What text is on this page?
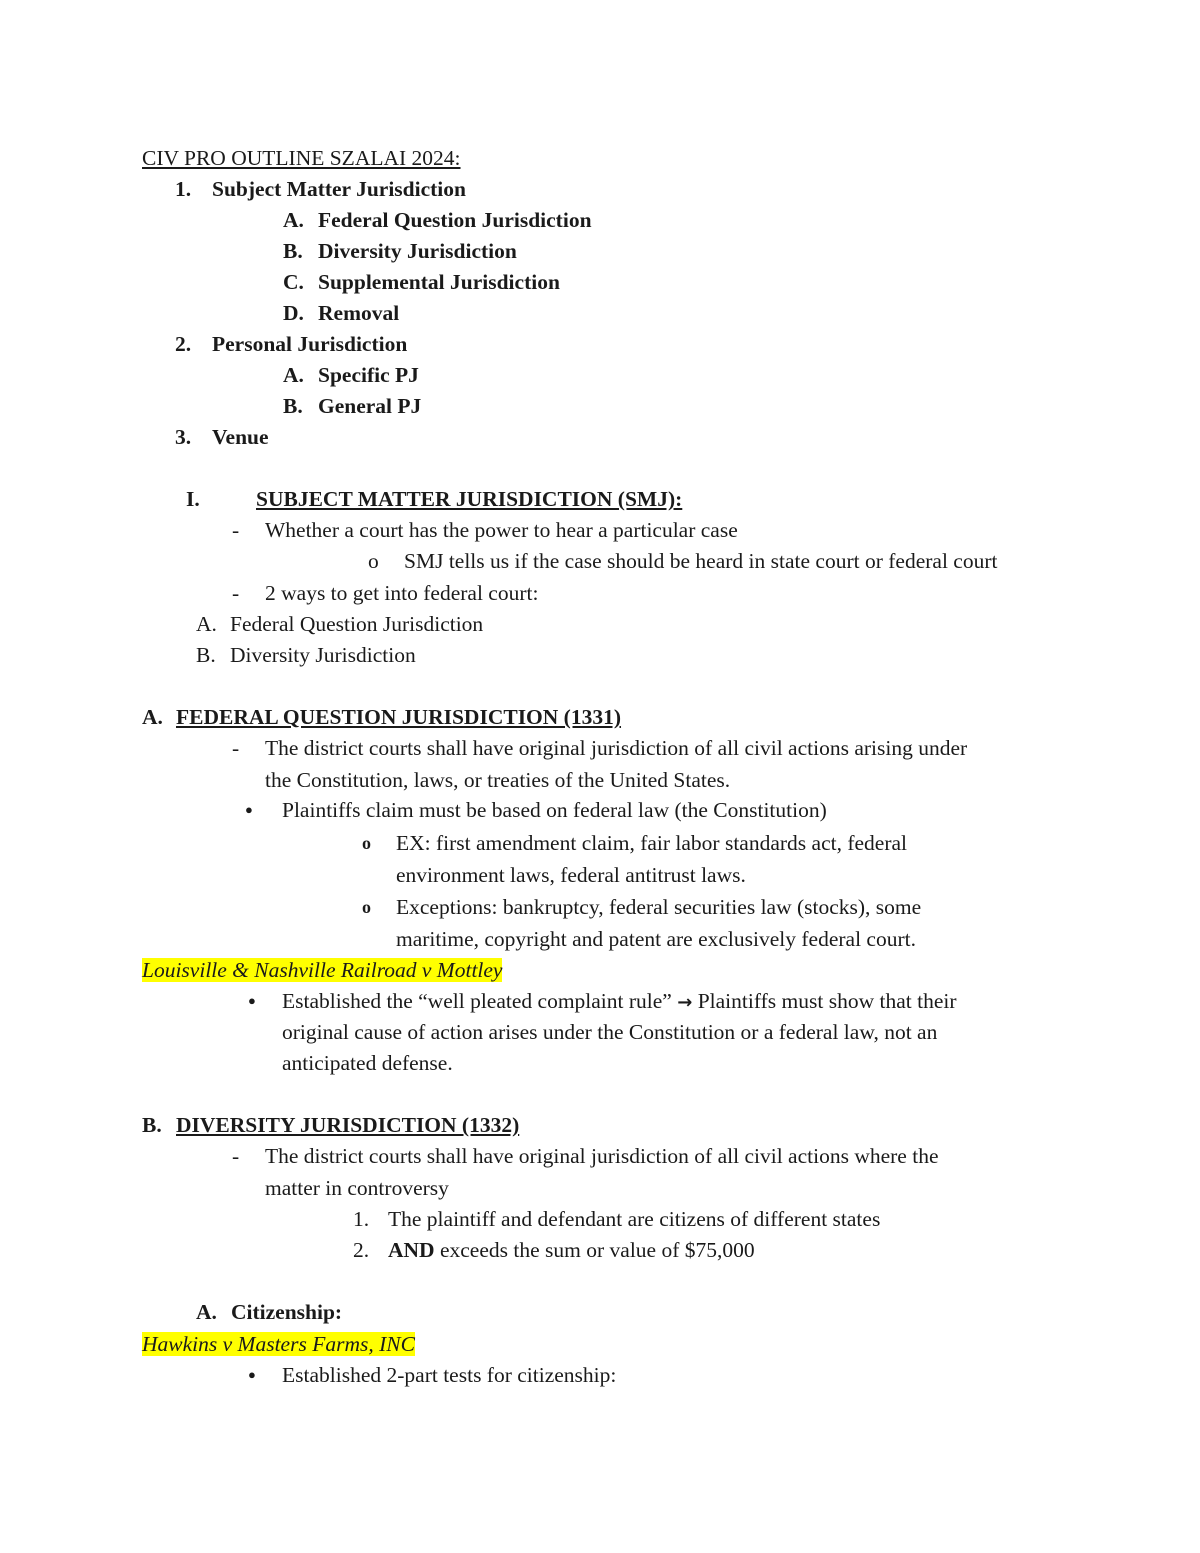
CIV PRO OUTLINE SZALAI 2024:
1. Subject Matter Jurisdiction
A. Federal Question Jurisdiction
B. Diversity Jurisdiction
C. Supplemental Jurisdiction
D. Removal
2. Personal Jurisdiction
A. Specific PJ
B. General PJ
3. Venue
I.	SUBJECT MATTER JURISDICTION (SMJ):
- Whether a court has the power to hear a particular case
o SMJ tells us if the case should be heard in state court or federal court
- 2 ways to get into federal court:
A. Federal Question Jurisdiction
B. Diversity Jurisdiction
A. FEDERAL QUESTION JURISDICTION (1331)
- The district courts shall have original jurisdiction of all civil actions arising under
the Constitution, laws, or treaties of the United States.
● Plaintiffs claim must be based on federal law (the Constitution)
o EX: first amendment claim, fair labor standards act, federal
environment laws, federal antitrust laws.
o Exceptions: bankruptcy, federal securities law (stocks), some
maritime, copyright and patent are exclusively federal court.
Louisville & Nashville Railroad v Mottley
● Established the “well pleated complaint rule” → Plaintiffs must show that their
original cause of action arises under the Constitution or a federal law, not an
anticipated defense.
B. DIVERSITY JURISDICTION (1332)
- The district courts shall have original jurisdiction of all civil actions where the
matter in controversy
1. The plaintiff and defendant are citizens of different states
2. AND exceeds the sum or value of $75,000
A. Citizenship:
Hawkins v Masters Farms, INC
● Established 2-part tests for citizenship:
